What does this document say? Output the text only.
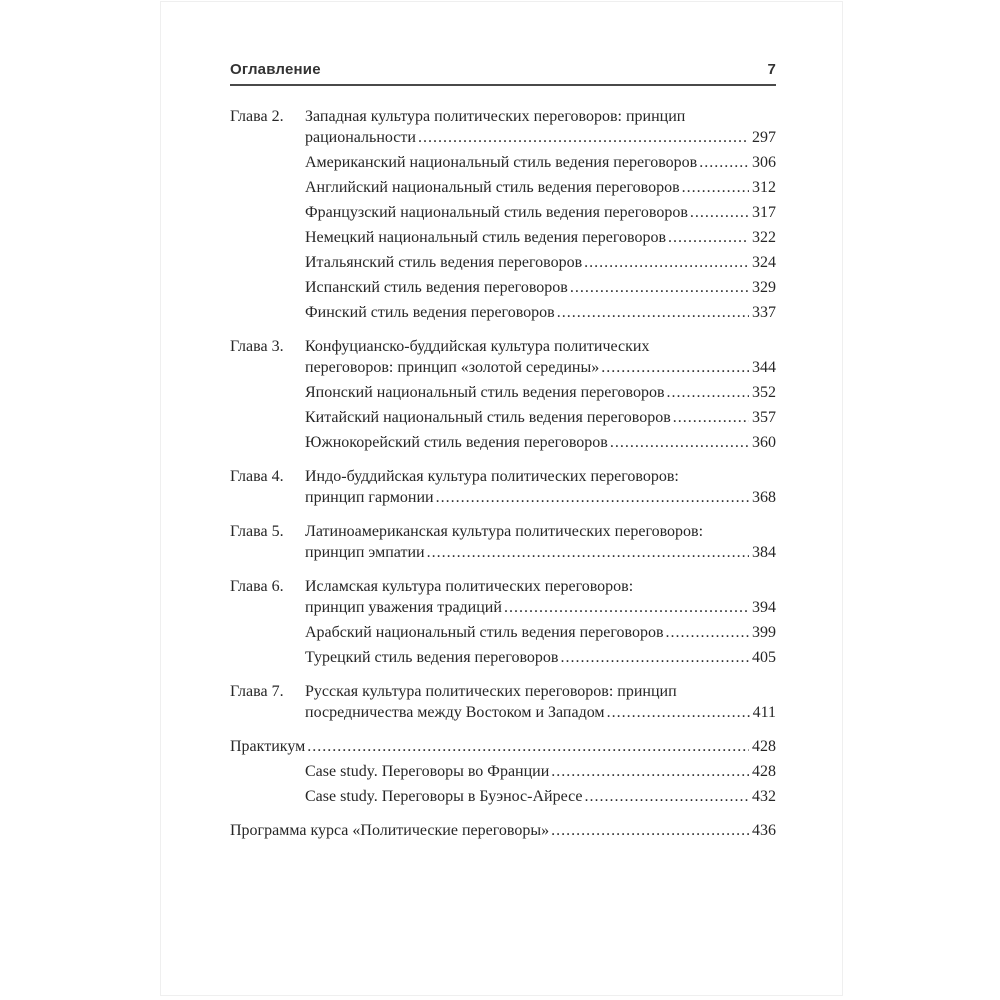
Оглавление	7
Глава 2.	Западная культура политических переговоров: принцип
рациональности .....	297
Американский национальный стиль ведения переговоров .....	306
Английский национальный стиль ведения переговоров .....	312
Французский национальный стиль ведения переговоров .....	317
Немецкий национальный стиль ведения переговоров .....	322
Итальянский стиль ведения переговоров .....	324
Испанский стиль ведения переговоров .....	329
Финский стиль ведения переговоров .....	337
Глава 3.	Конфуцианско-буддийская культура политических
переговоров: принцип «золотой середины» .....	344
Японский национальный стиль ведения переговоров .....	352
Китайский национальный стиль ведения переговоров .....	357
Южнокорейский стиль ведения переговоров .....	360
Глава 4.	Индо-буддийская культура политических переговоров:
принцип гармонии .....	368
Глава 5.	Латиноамериканская культура политических переговоров:
принцип эмпатии .....	384
Глава 6.	Исламская культура политических переговоров:
принцип уважения традиций .....	394
Арабский национальный стиль ведения переговоров .....	399
Турецкий стиль ведения переговоров .....	405
Глава 7.	Русская культура политических переговоров: принцип
посредничества между Востоком и Западом .....	411
Практикум .....	428
Case study. Переговоры во Франции .....	428
Case study. Переговоры в Буэнос-Айресе .....	432
Программа курса «Политические переговоры» .....	436
